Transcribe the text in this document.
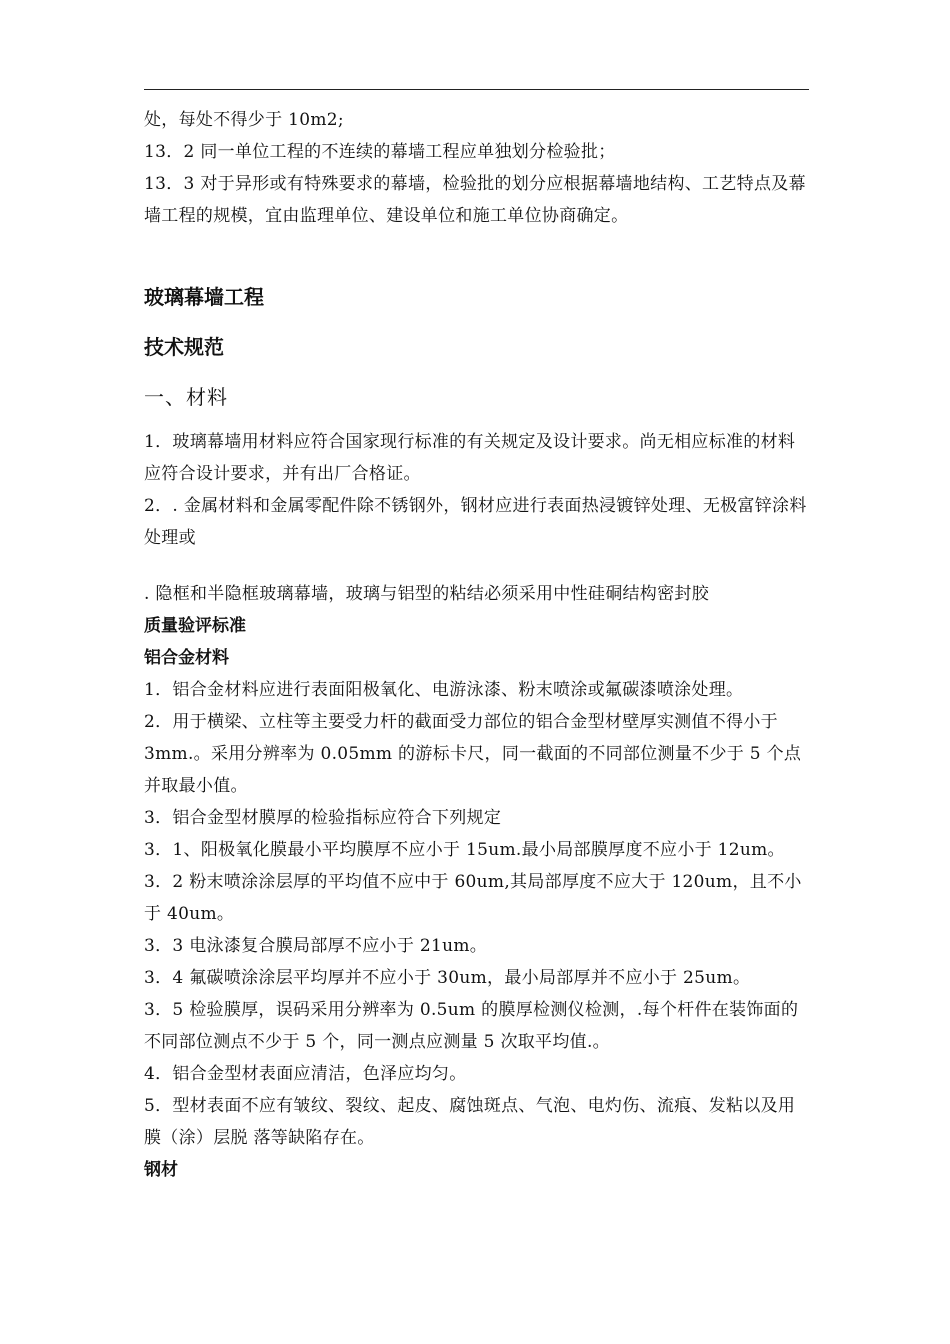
处，每处不得少于 10m2;

13．2 同一单位工程的不连续的幕墙工程应单独划分检验批；

13．3 对于异形或有特殊要求的幕墙，检验批的划分应根据幕墙地结构、工艺特点及幕墙工程的规模，宜由监理单位、建设单位和施工单位协商确定。

玻璃幕墙工程

技术规范

一、材料

1．玻璃幕墙用材料应符合国家现行标准的有关规定及设计要求。尚无相应标准的材料应符合设计要求，并有出厂合格证。

2．. 金属材料和金属零配件除不锈钢外，钢材应进行表面热浸镀锌处理、无极富锌涂料处理或

. 隐框和半隐框玻璃幕墙，玻璃与铝型的粘结必须采用中性硅硐结构密封胶

质量验评标准

铝合金材料

1．铝合金材料应进行表面阳极氧化、电游泳漆、粉末喷涂或氟碳漆喷涂处理。

2．用于横梁、立柱等主要受力杆的截面受力部位的铝合金型材壁厚实测值不得小于 3mm.。采用分辨率为 0.05mm 的游标卡尺，同一截面的不同部位测量不少于 5 个点并取最小值。

3．铝合金型材膜厚的检验指标应符合下列规定

3．1、阳极氧化膜最小平均膜厚不应小于 15um.最小局部膜厚度不应小于 12um。

3．2 粉末喷涂涂层厚的平均值不应中于 60um,其局部厚度不应大于 120um，且不小于 40um。

3．3 电泳漆复合膜局部厚不应小于 21um。

3．4 氟碳喷涂涂层平均厚并不应小于 30um，最小局部厚并不应小于 25um。

3．5 检验膜厚，误码采用分辨率为 0.5um 的膜厚检测仪检测，.每个杆件在装饰面的不同部位测点不少于 5 个，同一测点应测量 5 次取平均值.。

4．铝合金型材表面应清洁，色泽应均匀。

5．型材表面不应有皱纹、裂纹、起皮、腐蚀斑点、气泡、电灼伤、流痕、发粘以及用膜（涂）层脱 落等缺陷存在。

钢材
